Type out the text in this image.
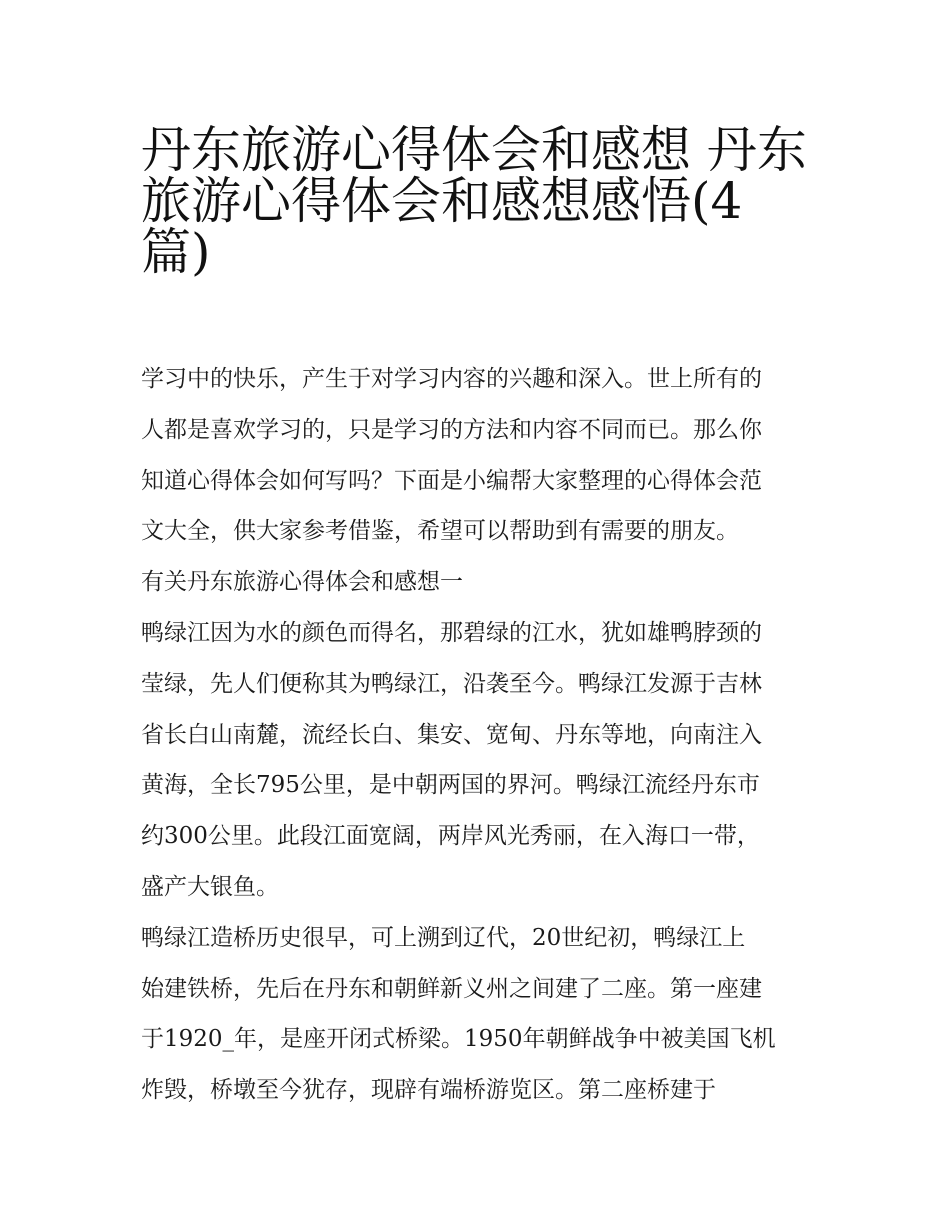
丹东旅游心得体会和感想 丹东
旅游心得体会和感想感悟(4
篇)
学习中的快乐，产生于对学习内容的兴趣和深入。世上所有的
人都是喜欢学习的，只是学习的方法和内容不同而已。那么你
知道心得体会如何写吗？下面是小编帮大家整理的心得体会范
文大全，供大家参考借鉴，希望可以帮助到有需要的朋友。
有关丹东旅游心得体会和感想一
鸭绿江因为水的颜色而得名，那碧绿的江水，犹如雄鸭脖颈的
莹绿，先人们便称其为鸭绿江，沿袭至今。鸭绿江发源于吉林
省长白山南麓，流经长白、集安、宽甸、丹东等地，向南注入
黄海，全长795公里，是中朝两国的界河。鸭绿江流经丹东市
约300公里。此段江面宽阔，两岸风光秀丽，在入海口一带，
盛产大银鱼。
鸭绿江造桥历史很早，可上溯到辽代，20世纪初，鸭绿江上
始建铁桥，先后在丹东和朝鲜新义州之间建了二座。第一座建
于1920_年，是座开闭式桥梁。1950年朝鲜战争中被美国飞机
炸毁，桥墩至今犹存，现辟有端桥游览区。第二座桥建于
